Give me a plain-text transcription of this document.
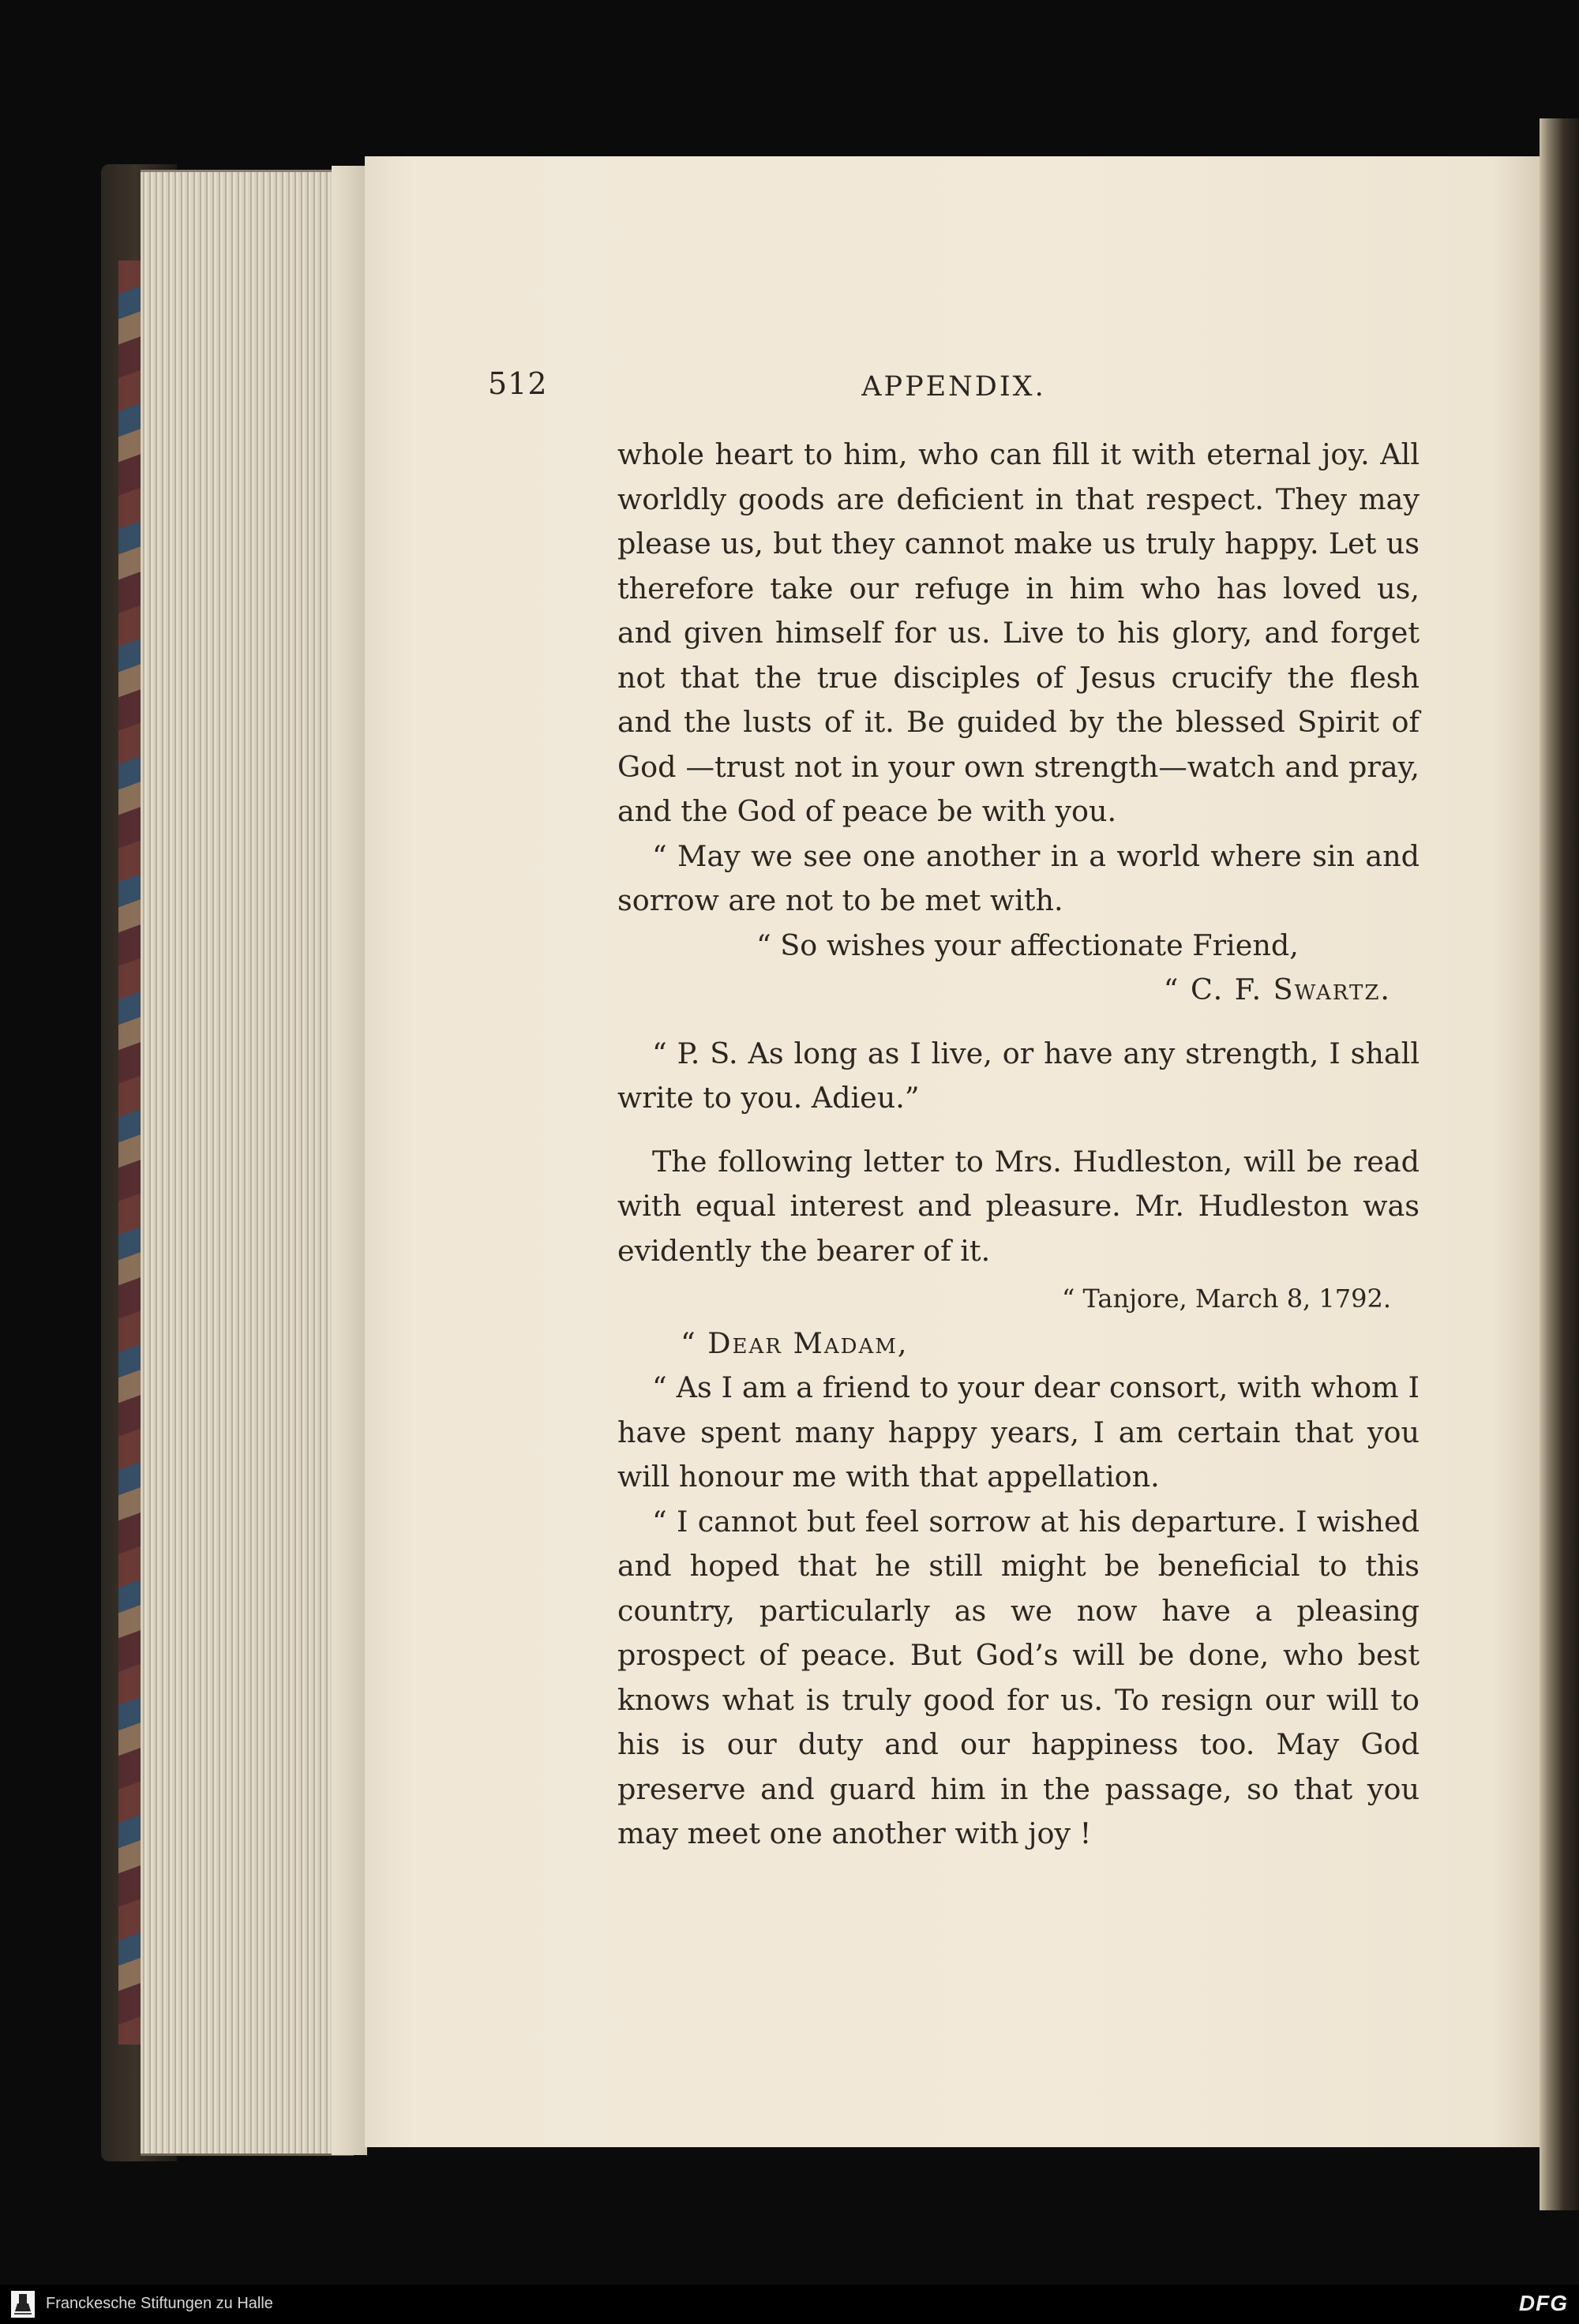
512	APPENDIX.

whole heart to him, who can fill it with eternal joy. All worldly goods are deficient in that respect. They may please us, but they cannot make us truly happy. Let us therefore take our refuge in him who has loved us, and given himself for us. Live to his glory, and forget not that the true disciples of Jesus crucify the flesh and the lusts of it. Be guided by the blessed Spirit of God —trust not in your own strength—watch and pray, and the God of peace be with you.

“ May we see one another in a world where sin and sorrow are not to be met with.

“ So wishes your affectionate Friend,

“ C. F. Swartz.

“ P. S. As long as I live, or have any strength, I shall write to you. Adieu.”

The following letter to Mrs. Hudleston, will be read with equal interest and pleasure. Mr. Hudleston was evidently the bearer of it.

“ Tanjore, March 8, 1792.

“ Dear Madam,

“ As I am a friend to your dear consort, with whom I have spent many happy years, I am certain that you will honour me with that appellation.

“ I cannot but feel sorrow at his departure. I wished and hoped that he still might be beneficial to this country, particularly as we now have a pleasing prospect of peace. But God’s will be done, who best knows what is truly good for us. To resign our will to his is our duty and our happiness too. May God preserve and guard him in the passage, so that you may meet one another with joy !

Franckesche Stiftungen zu Halle	DFG
